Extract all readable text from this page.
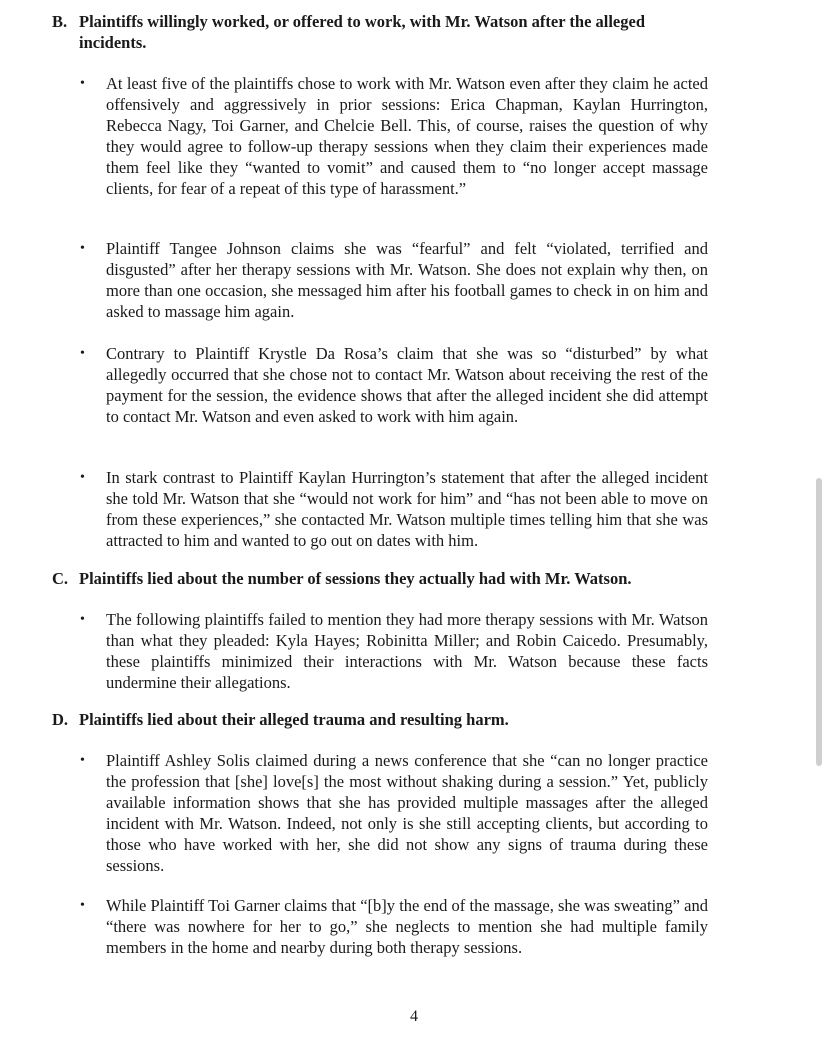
B. Plaintiffs willingly worked, or offered to work, with Mr. Watson after the alleged
incidents.
•	At least five of the plaintiffs chose to work with Mr. Watson even after they claim he acted offensively and aggressively in prior sessions: Erica Chapman, Kaylan Hurrington, Rebecca Nagy, Toi Garner, and Chelcie Bell. This, of course, raises the question of why they would agree to follow-up therapy sessions when they claim their experiences made them feel like they “wanted to vomit” and caused them to “no longer accept massage clients, for fear of a repeat of this type of harassment.”
•	Plaintiff Tangee Johnson claims she was “fearful” and felt “violated, terrified and disgusted” after her therapy sessions with Mr. Watson. She does not explain why then, on more than one occasion, she messaged him after his football games to check in on him and asked to massage him again.
•	Contrary to Plaintiff Krystle Da Rosa’s claim that she was so “disturbed” by what allegedly occurred that she chose not to contact Mr. Watson about receiving the rest of the payment for the session, the evidence shows that after the alleged incident she did attempt to contact Mr. Watson and even asked to work with him again.
•	In stark contrast to Plaintiff Kaylan Hurrington’s statement that after the alleged incident she told Mr. Watson that she “would not work for him” and “has not been able to move on from these experiences,” she contacted Mr. Watson multiple times telling him that she was attracted to him and wanted to go out on dates with him.
C. Plaintiffs lied about the number of sessions they actually had with Mr. Watson.
•	The following plaintiffs failed to mention they had more therapy sessions with Mr. Watson than what they pleaded: Kyla Hayes; Robinitta Miller; and Robin Caicedo. Presumably, these plaintiffs minimized their interactions with Mr. Watson because these facts undermine their allegations.
D. Plaintiffs lied about their alleged trauma and resulting harm.
•	Plaintiff Ashley Solis claimed during a news conference that she “can no longer practice the profession that [she] love[s] the most without shaking during a session.” Yet, publicly available information shows that she has provided multiple massages after the alleged incident with Mr. Watson. Indeed, not only is she still accepting clients, but according to those who have worked with her, she did not show any signs of trauma during these sessions.
•	While Plaintiff Toi Garner claims that “[b]y the end of the massage, she was sweating” and “there was nowhere for her to go,” she neglects to mention she had multiple family members in the home and nearby during both therapy sessions.
4
